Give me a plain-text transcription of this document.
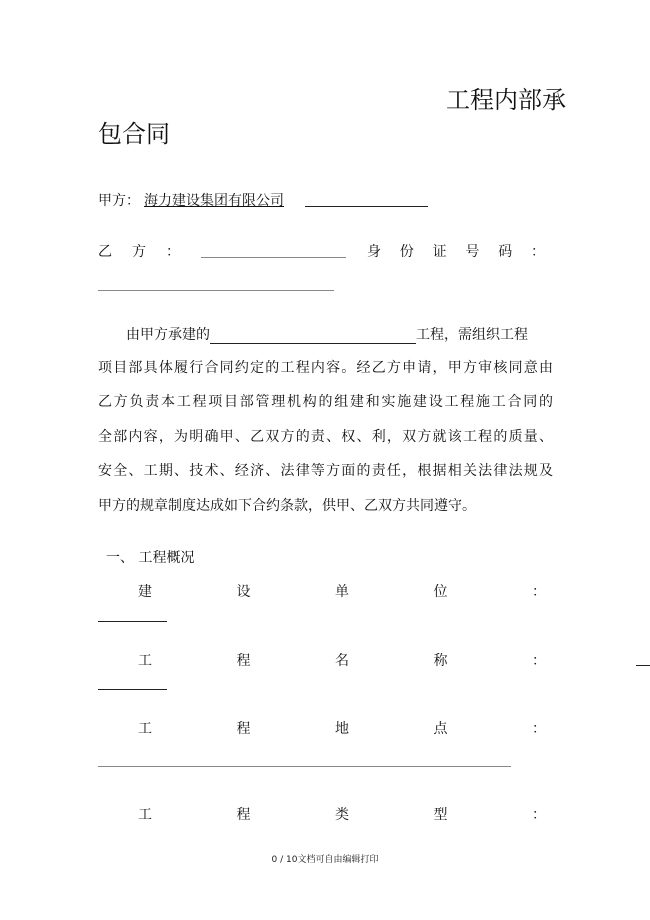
工程内部承
包合同
甲方： 海力建设集团有限公司
乙 方 ：	身 份 证 号 码 ：
由甲方承建的	工程，需组织工程
项目部具体履行合同约定的工程内容。经乙方申请，甲方审核同意由
乙方负责本工程项目部管理机构的组建和实施建设工程施工合同的
全部内容，为明确甲、乙双方的责、权、利，双方就该工程的质量、
安全、工期、技术、经济、法律等方面的责任，根据相关法律法规及
甲方的规章制度达成如下合约条款，供甲、乙双方共同遵守。
一、 工程概况
建	设	单	位	：
工	程	名	称	：
工	程	地	点	：
工	程	类	型	：
0 / 10文档可自由编辑打印
